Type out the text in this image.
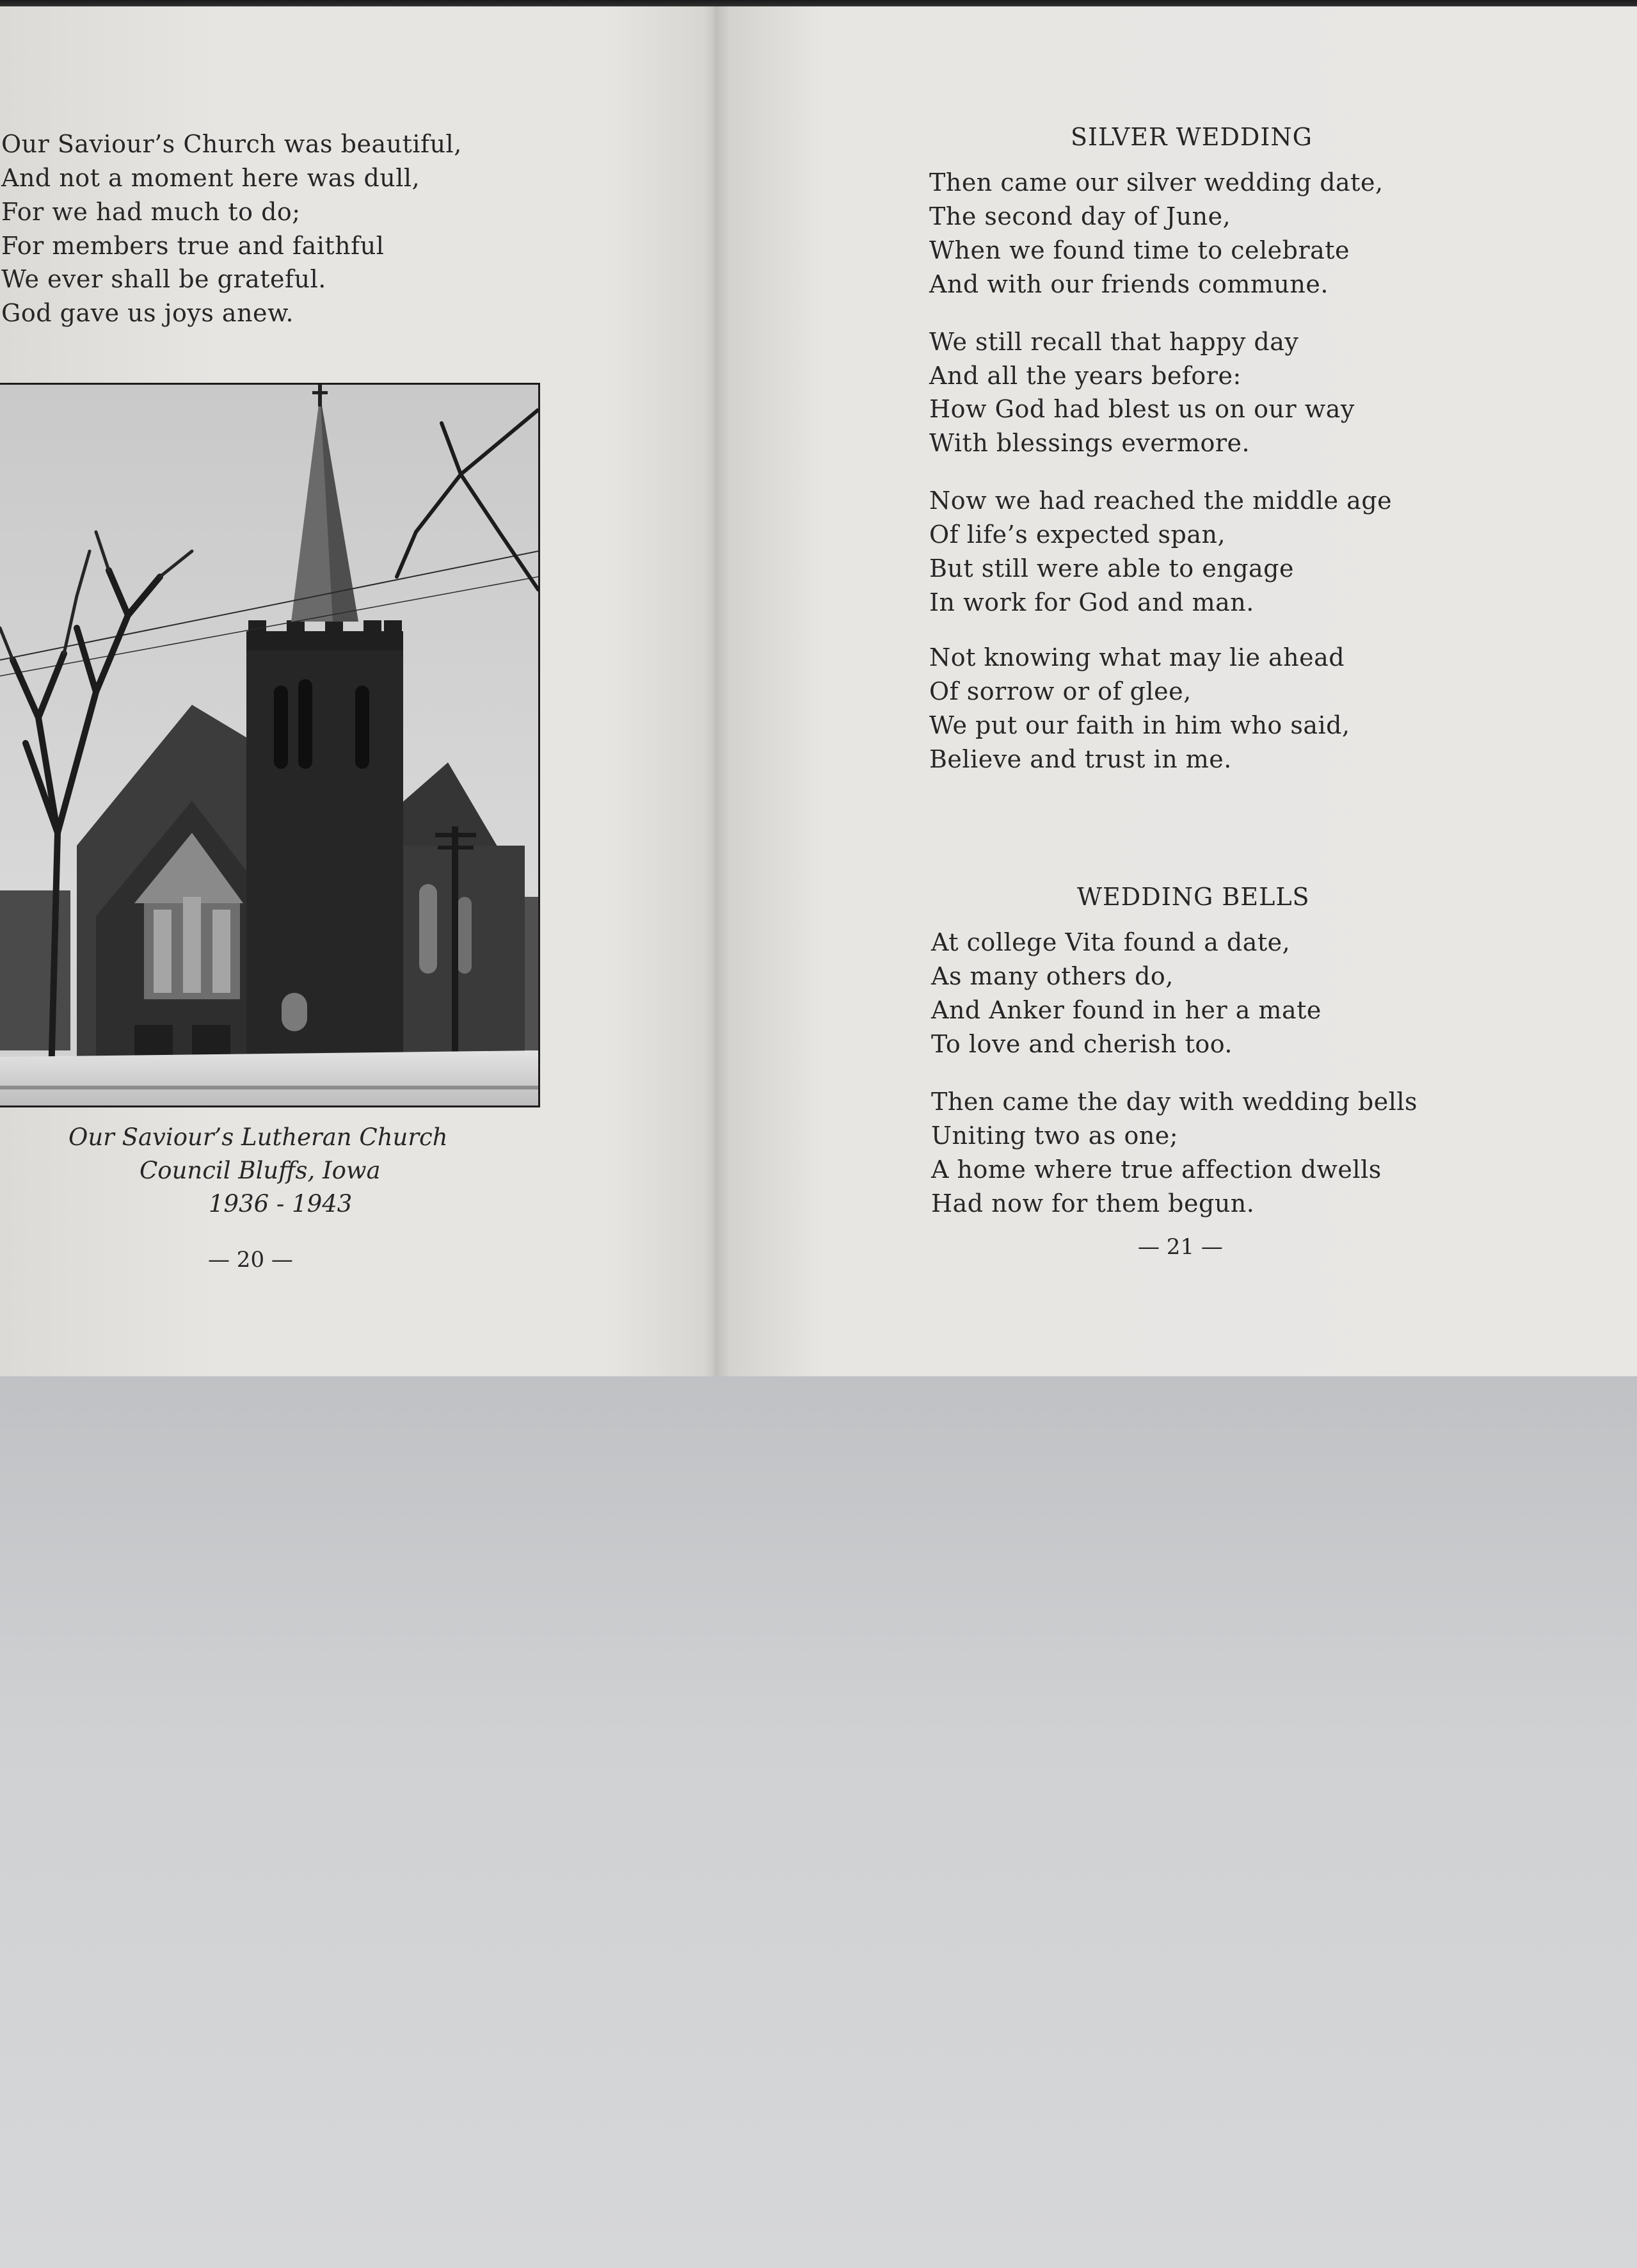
Our Saviour’s Church was beautiful,
And not a moment here was dull,
For we had much to do;
For members true and faithful
We ever shall be grateful.
God gave us joys anew.
Our Saviour’s Lutheran Church
Council Bluffs, Iowa
1936 - 1943
— 20 —
SILVER WEDDING
Then came our silver wedding date,
The second day of June,
When we found time to celebrate
And with our friends commune.
We still recall that happy day
And all the years before:
How God had blest us on our way
With blessings evermore.
Now we had reached the middle age
Of life’s expected span,
But still were able to engage
In work for God and man.
Not knowing what may lie ahead
Of sorrow or of glee,
We put our faith in him who said,
Believe and trust in me.
WEDDING BELLS
At college Vita found a date,
As many others do,
And Anker found in her a mate
To love and cherish too.
Then came the day with wedding bells
Uniting two as one;
A home where true affection dwells
Had now for them begun.
— 21 —
